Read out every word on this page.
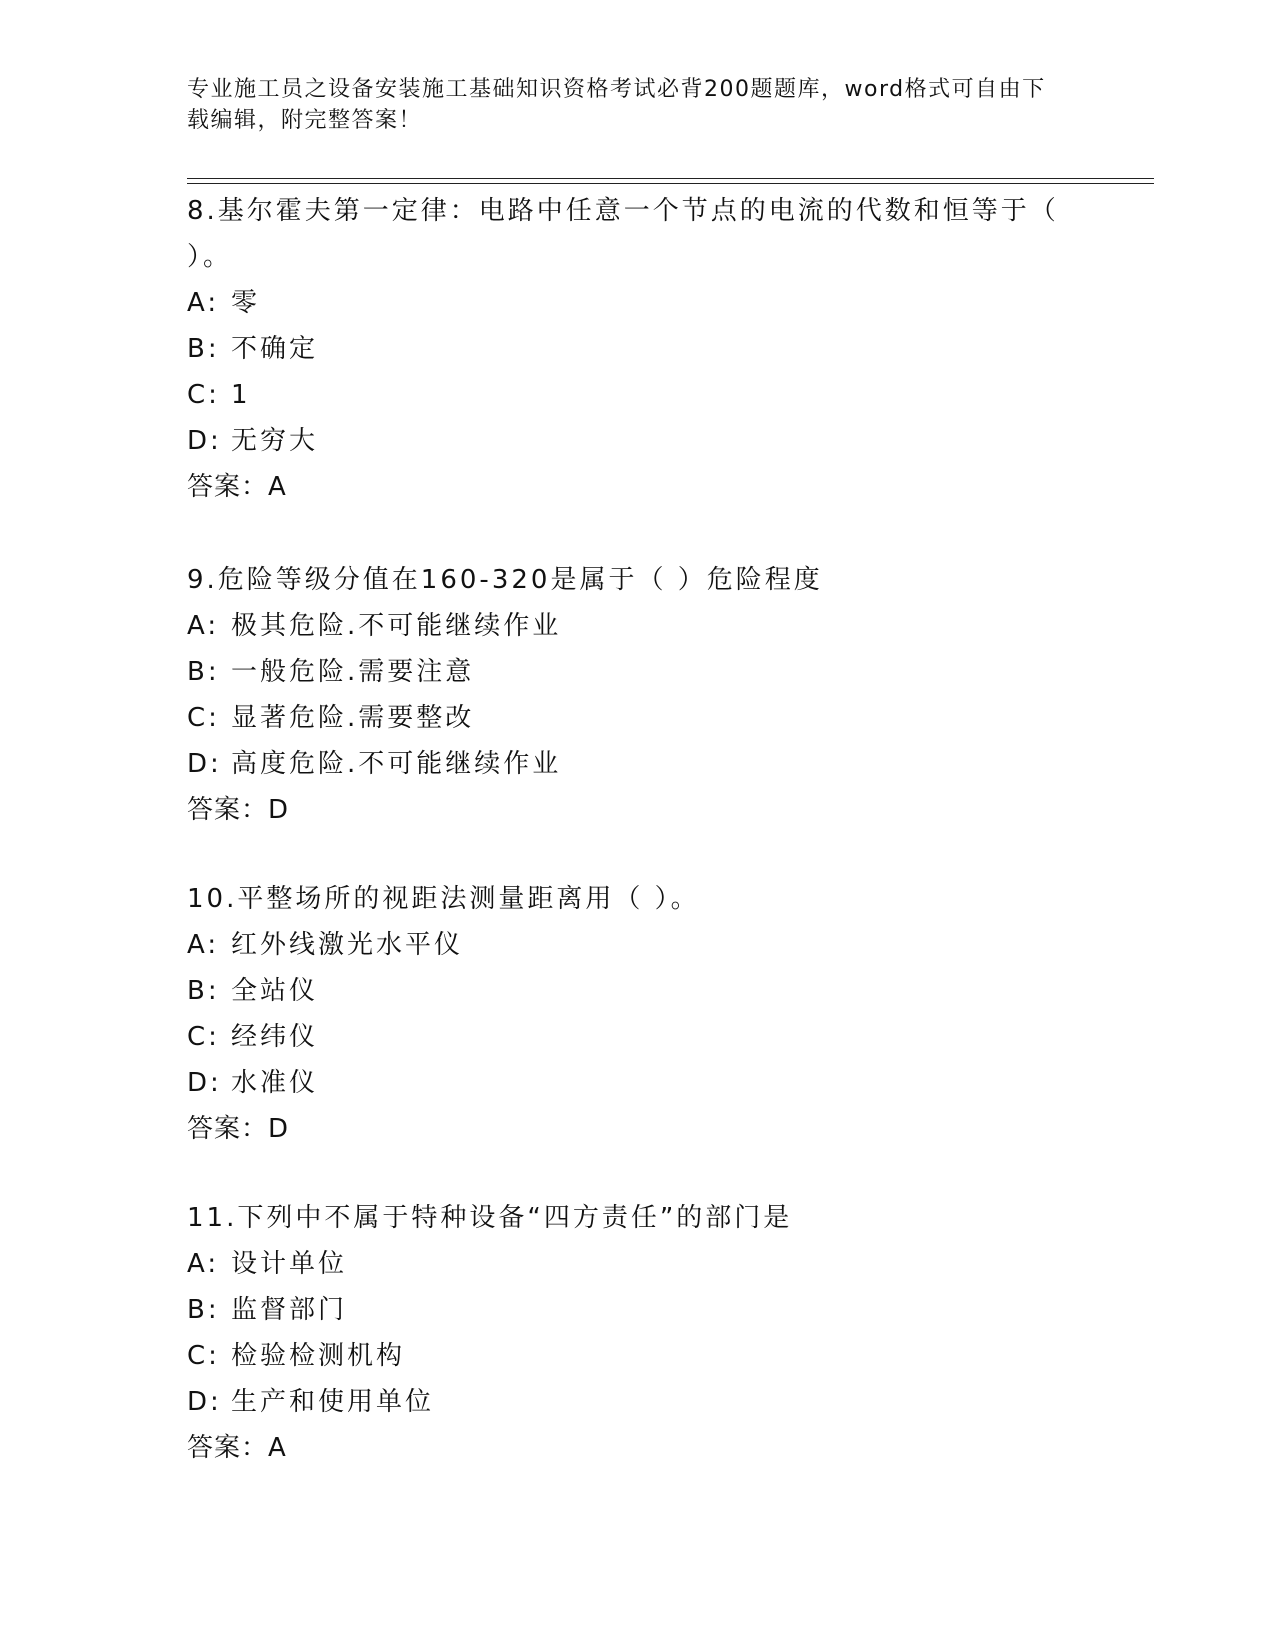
专业施工员之设备安装施工基础知识资格考试必背200题题库，word格式可自由下载编辑，附完整答案！

8.基尔霍夫第一定律：电路中任意一个节点的电流的代数和恒等于（
）。

A: 零

B: 不确定

C: 1

D: 无穷大

答案：A

9.危险等级分值在160-320是属于（ ）危险程度

A: 极其危险.不可能继续作业

B: 一般危险.需要注意

C: 显著危险.需要整改

D: 高度危险.不可能继续作业

答案：D

10.平整场所的视距法测量距离用（ ）。

A: 红外线激光水平仪

B: 全站仪

C: 经纬仪

D: 水准仪

答案：D

11.下列中不属于特种设备“四方责任”的部门是

A: 设计单位

B: 监督部门

C: 检验检测机构

D: 生产和使用单位

答案：A
